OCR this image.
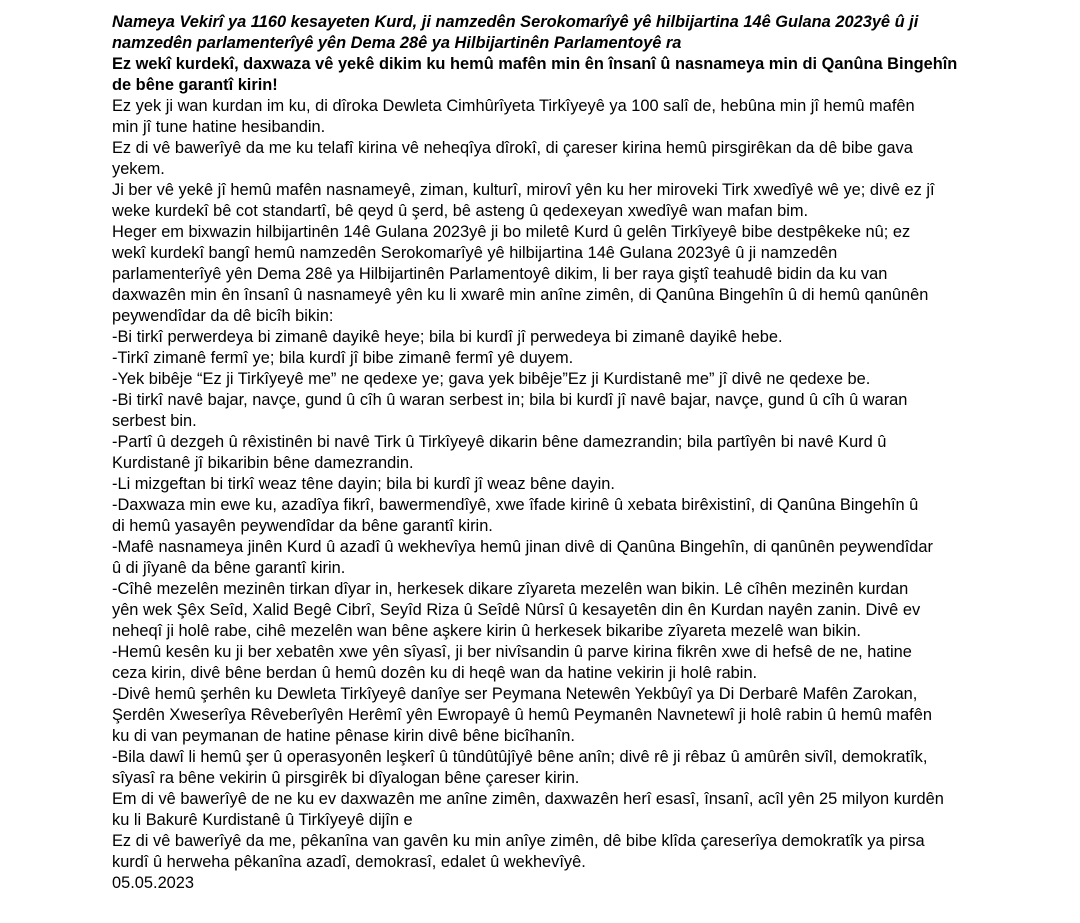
Nameya Vekirî ya 1160 kesayeten Kurd, ji namzedên Serokomarîyê yê hilbijartina 14ê Gulana 2023yê û ji
namzedên parlamenterîyê yên Dema 28ê ya Hilbijartinên Parlamentoyê ra
Ez wekî kurdekî, daxwaza vê yekê dikim ku hemû mafên min ên însanî û nasnameya min di Qanûna Bingehîn
de bêne garantî kirin!
Ez yek ji wan kurdan im ku, di dîroka Dewleta Cimhûrîyeta Tirkîyeyê ya 100 salî de, hebûna min jî hemû mafên
min jî tune hatine hesibandin.
Ez di vê bawerîyê da me ku telafî kirina vê neheqîya dîrokî, di çareser kirina hemû pirsgirêkan da dê bibe gava
yekem.
Ji ber vê yekê jî hemû mafên nasnameyê, ziman, kulturî, mirovî yên ku her miroveki Tirk xwedîyê wê ye; divê ez jî
weke kurdekî bê cot standartî, bê qeyd û şerd, bê asteng û qedexeyan xwedîyê wan mafan bim.
Heger em bixwazin hilbijartinên 14ê Gulana 2023yê ji bo miletê Kurd û gelên Tirkîyeyê bibe destpêkeke nû; ez
wekî kurdekî bangî hemû namzedên Serokomarîyê yê hilbijartina 14ê Gulana 2023yê û ji namzedên
parlamenterîyê yên Dema 28ê ya Hilbijartinên Parlamentoyê dikim, li ber raya giştî teahudê bidin da ku van
daxwazên min ên însanî û nasnameyê yên ku li xwarê min anîne zimên, di Qanûna Bingehîn û di hemû qanûnên
peywendîdar da dê bicîh bikin:
-Bi tirkî perwerdeya bi zimanê dayikê heye; bila bi kurdî jî perwedeya bi zimanê dayikê hebe.
-Tirkî zimanê fermî ye; bila kurdî jî bibe zimanê fermî yê duyem.
-Yek bibêje “Ez ji Tirkîyeyê me” ne qedexe ye; gava yek bibêje”Ez ji Kurdistanê me” jî divê ne qedexe be.
-Bi tirkî navê bajar, navçe, gund û cîh û waran serbest in; bila bi kurdî jî navê bajar, navçe, gund û cîh û waran
serbest bin.
-Partî û dezgeh û rêxistinên bi navê Tirk û Tirkîyeyê dikarin bêne damezrandin; bila partîyên bi navê Kurd û
Kurdistanê jî bikaribin bêne damezrandin.
-Li mizgeftan bi tirkî weaz têne dayin; bila bi kurdî jî weaz bêne dayin.
-Daxwaza min ewe ku, azadîya fikrî, bawermendîyê, xwe îfade kirinê û xebata birêxistinî, di Qanûna Bingehîn û
di hemû yasayên peywendîdar da bêne garantî kirin.
-Mafê nasnameya jinên Kurd û azadî û wekhevîya hemû jinan divê di Qanûna Bingehîn, di qanûnên peywendîdar
û di jîyanê da bêne garantî kirin.
-Cîhê mezelên mezinên tirkan dîyar in, herkesek dikare zîyareta mezelên wan bikin. Lê cîhên mezinên kurdan
yên wek Şêx Seîd, Xalid Begê Cibrî, Seyîd Riza û Seîdê Nûrsî û kesayetên din ên Kurdan nayên zanin. Divê ev
neheqî ji holê rabe, cihê mezelên wan bêne aşkere kirin û herkesek bikaribe zîyareta mezelê wan bikin.
-Hemû kesên ku ji ber xebatên xwe yên sîyasî, ji ber nivîsandin û parve kirina fikrên xwe di hefsê de ne, hatine
ceza kirin, divê bêne berdan û hemû dozên ku di heqê wan da hatine vekirin ji holê rabin.
-Divê hemû şerhên ku Dewleta Tirkîyeyê danîye ser Peymana Netewên Yekbûyî ya Di Derbarê Mafên Zarokan,
Şerdên Xweserîya Rêveberîyên Herêmî yên Ewropayê û hemû Peymanên Navnetewî ji holê rabin û hemû mafên
ku di van peymanan de hatine pênase kirin divê bêne bicîhanîn.
-Bila dawî li hemû şer û operasyonên leşkerî û tûndûtûjîyê bêne anîn; divê rê ji rêbaz û amûrên sivîl, demokratîk,
sîyasî ra bêne vekirin û pirsgirêk bi dîyalogan bêne çareser kirin.
Em di vê bawerîyê de ne ku ev daxwazên me anîne zimên, daxwazên herî esasî, însanî, acîl yên 25 milyon kurdên
ku li Bakurê Kurdistanê û Tirkîyeyê dijîn e
Ez di vê bawerîyê da me, pêkanîna van gavên ku min anîye zimên, dê bibe klîda çareserîya demokratîk ya pirsa
kurdî û herweha pêkanîna azadî, demokrasî, edalet û wekhevîyê.
05.05.2023
